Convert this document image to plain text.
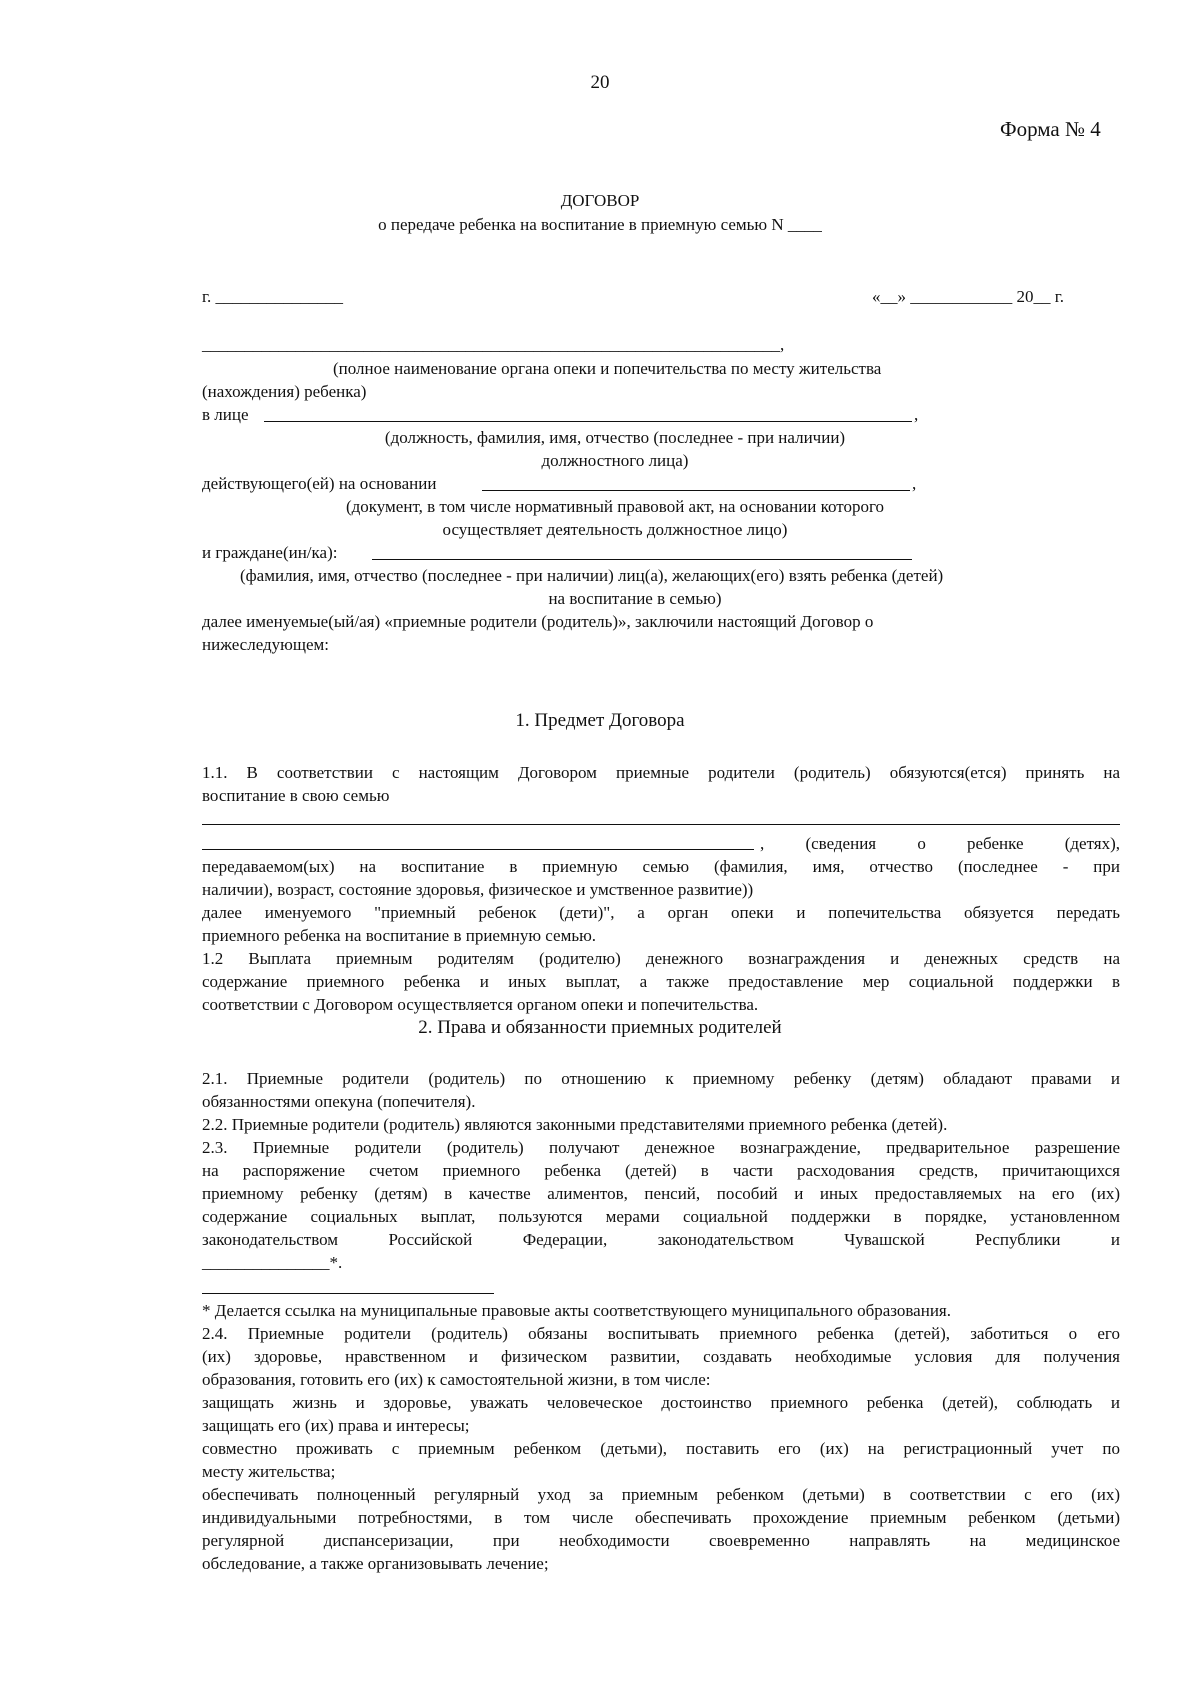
20
Форма № 4
ДОГОВОР
о передаче ребенка на воспитание в приемную семью N ____
г. _______________	«__» ____________ 20__ г.
____________________________________________________________________,
(полное наименование органа опеки и попечительства по месту жительства
(нахождения) ребенка)
в лице	,
(должность, фамилия, имя, отчество (последнее - при наличии)
должностного лица)
действующего(ей) на основании	,
(документ, в том числе нормативный правовой акт, на основании которого
осуществляет деятельность должностное лицо)
и граждане(ин/ка):
(фамилия, имя, отчество (последнее - при наличии) лиц(а), желающих(его) взять ребенка (детей)
на воспитание в семью)
далее именуемые(ый/ая) «приемные родители (родитель)», заключили настоящий Договор о
нижеследующем:
1. Предмет Договора
1.1. В соответствии с настоящим Договором приемные родители (родитель) обязуются(ется) принять на
воспитание в свою семью
, (сведения о ребенке (детях),
передаваемом(ых) на воспитание в приемную семью (фамилия, имя, отчество (последнее - при
наличии), возраст, состояние здоровья, физическое и умственное развитие))
далее именуемого "приемный ребенок (дети)", а орган опеки и попечительства обязуется передать
приемного ребенка на воспитание в приемную семью.
1.2 Выплата приемным родителям (родителю) денежного вознаграждения и денежных средств на
содержание приемного ребенка и иных выплат, а также предоставление мер социальной поддержки в
соответствии с Договором осуществляется органом опеки и попечительства.
2. Права и обязанности приемных родителей
2.1. Приемные родители (родитель) по отношению к приемному ребенку (детям) обладают правами и
обязанностями опекуна (попечителя).
2.2. Приемные родители (родитель) являются законными представителями приемного ребенка (детей).
2.3. Приемные родители (родитель) получают денежное вознаграждение, предварительное разрешение
на распоряжение счетом приемного ребенка (детей) в части расходования средств, причитающихся
приемному ребенку (детям) в качестве алиментов, пенсий, пособий и иных предоставляемых на его (их)
содержание социальных выплат, пользуются мерами социальной поддержки в порядке, установленном
законодательством Российской Федерации, законодательством Чувашской Республики и
_______________*.
* Делается ссылка на муниципальные правовые акты соответствующего муниципального образования.
2.4. Приемные родители (родитель) обязаны воспитывать приемного ребенка (детей), заботиться о его
(их) здоровье, нравственном и физическом развитии, создавать необходимые условия для получения
образования, готовить его (их) к самостоятельной жизни, в том числе:
защищать жизнь и здоровье, уважать человеческое достоинство приемного ребенка (детей), соблюдать и
защищать его (их) права и интересы;
совместно проживать с приемным ребенком (детьми), поставить его (их) на регистрационный учет по
месту жительства;
обеспечивать полноценный регулярный уход за приемным ребенком (детьми) в соответствии с его (их)
индивидуальными потребностями, в том числе обеспечивать прохождение приемным ребенком (детьми)
регулярной диспансеризации, при необходимости своевременно направлять на медицинское
обследование, а также организовывать лечение;
